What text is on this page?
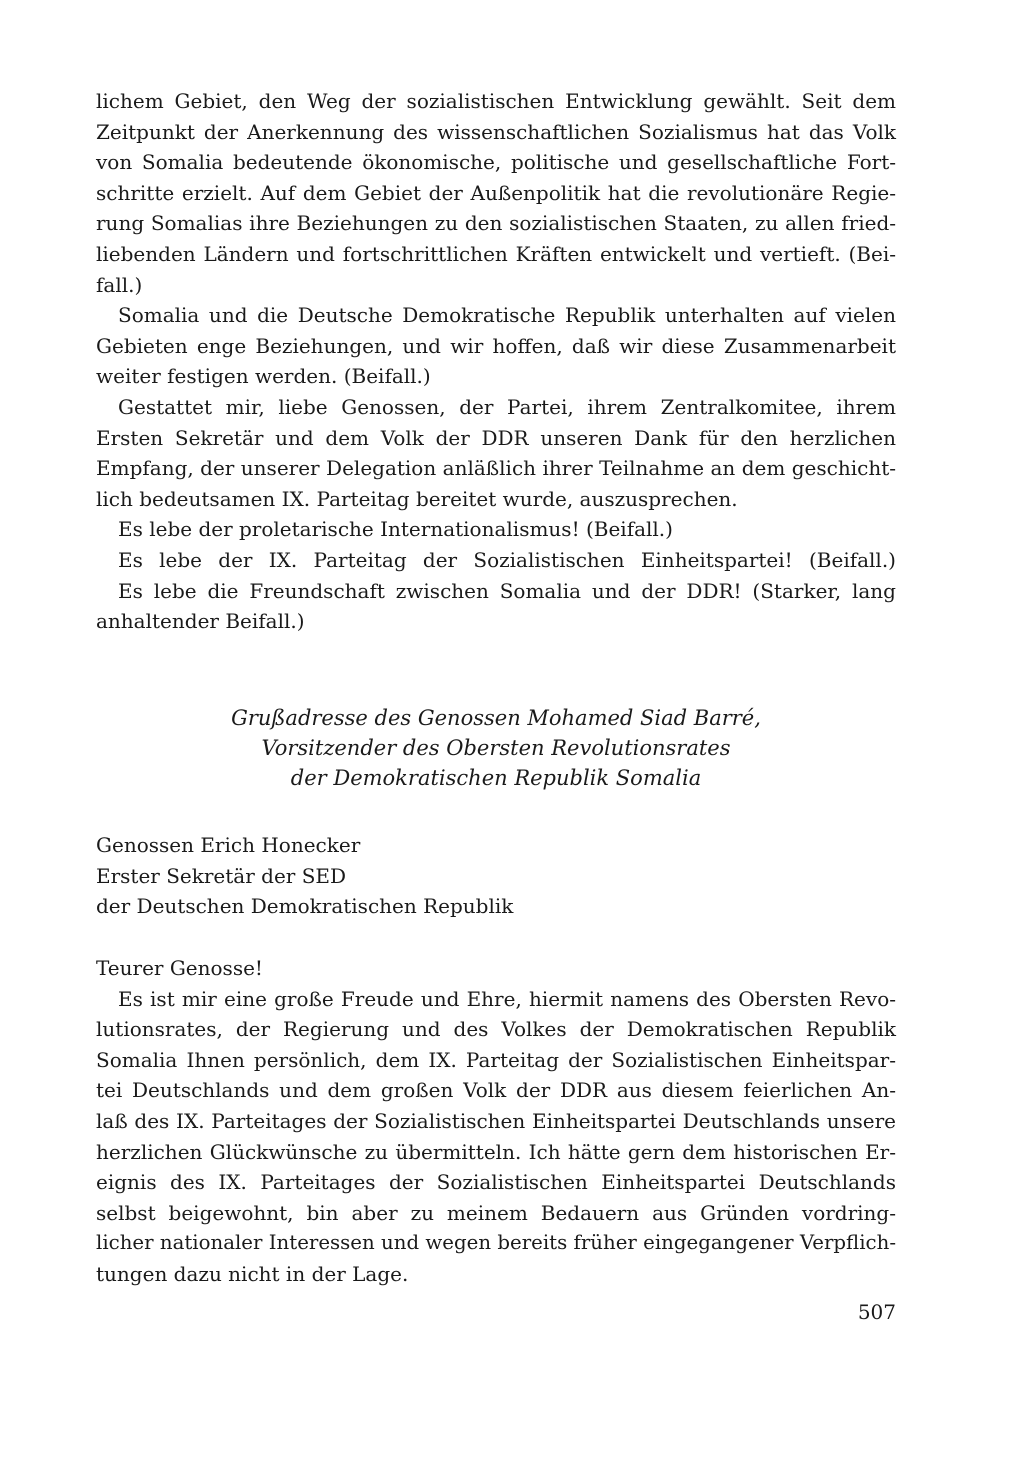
lichem Gebiet, den Weg der sozialistischen Entwicklung gewählt. Seit dem
Zeitpunkt der Anerkennung des wissenschaftlichen Sozialismus hat das Volk
von Somalia bedeutende ökonomische, politische und gesellschaftliche Fort-
schritte erzielt. Auf dem Gebiet der Außenpolitik hat die revolutionäre Regie-
rung Somalias ihre Beziehungen zu den sozialistischen Staaten, zu allen fried-
liebenden Ländern und fortschrittlichen Kräften entwickelt und vertieft. (Bei-
fall.)
Somalia und die Deutsche Demokratische Republik unterhalten auf vielen
Gebieten enge Beziehungen, und wir hoffen, daß wir diese Zusammenarbeit
weiter festigen werden. (Beifall.)
Gestattet mir, liebe Genossen, der Partei, ihrem Zentralkomitee, ihrem
Ersten Sekretär und dem Volk der DDR unseren Dank für den herzlichen
Empfang, der unserer Delegation anläßlich ihrer Teilnahme an dem geschicht-
lich bedeutsamen IX. Parteitag bereitet wurde, auszusprechen.
Es lebe der proletarische Internationalismus! (Beifall.)
Es lebe der IX. Parteitag der Sozialistischen Einheitspartei! (Beifall.)
Es lebe die Freundschaft zwischen Somalia und der DDR! (Starker, lang
anhaltender Beifall.)
Grußadresse des Genossen Mohamed Siad Barré,
Vorsitzender des Obersten Revolutionsrates
der Demokratischen Republik Somalia
Genossen Erich Honecker
Erster Sekretär der SED
der Deutschen Demokratischen Republik
Teurer Genosse!
Es ist mir eine große Freude und Ehre, hiermit namens des Obersten Revo-
lutionsrates, der Regierung und des Volkes der Demokratischen Republik
Somalia Ihnen persönlich, dem IX. Parteitag der Sozialistischen Einheitspar-
tei Deutschlands und dem großen Volk der DDR aus diesem feierlichen An-
laß des IX. Parteitages der Sozialistischen Einheitspartei Deutschlands unsere
herzlichen Glückwünsche zu übermitteln. Ich hätte gern dem historischen Er-
eignis des IX. Parteitages der Sozialistischen Einheitspartei Deutschlands
selbst beigewohnt, bin aber zu meinem Bedauern aus Gründen vordring-
licher nationaler Interessen und wegen bereits früher eingegangener Verpflich-
tungen dazu nicht in der Lage.
507
